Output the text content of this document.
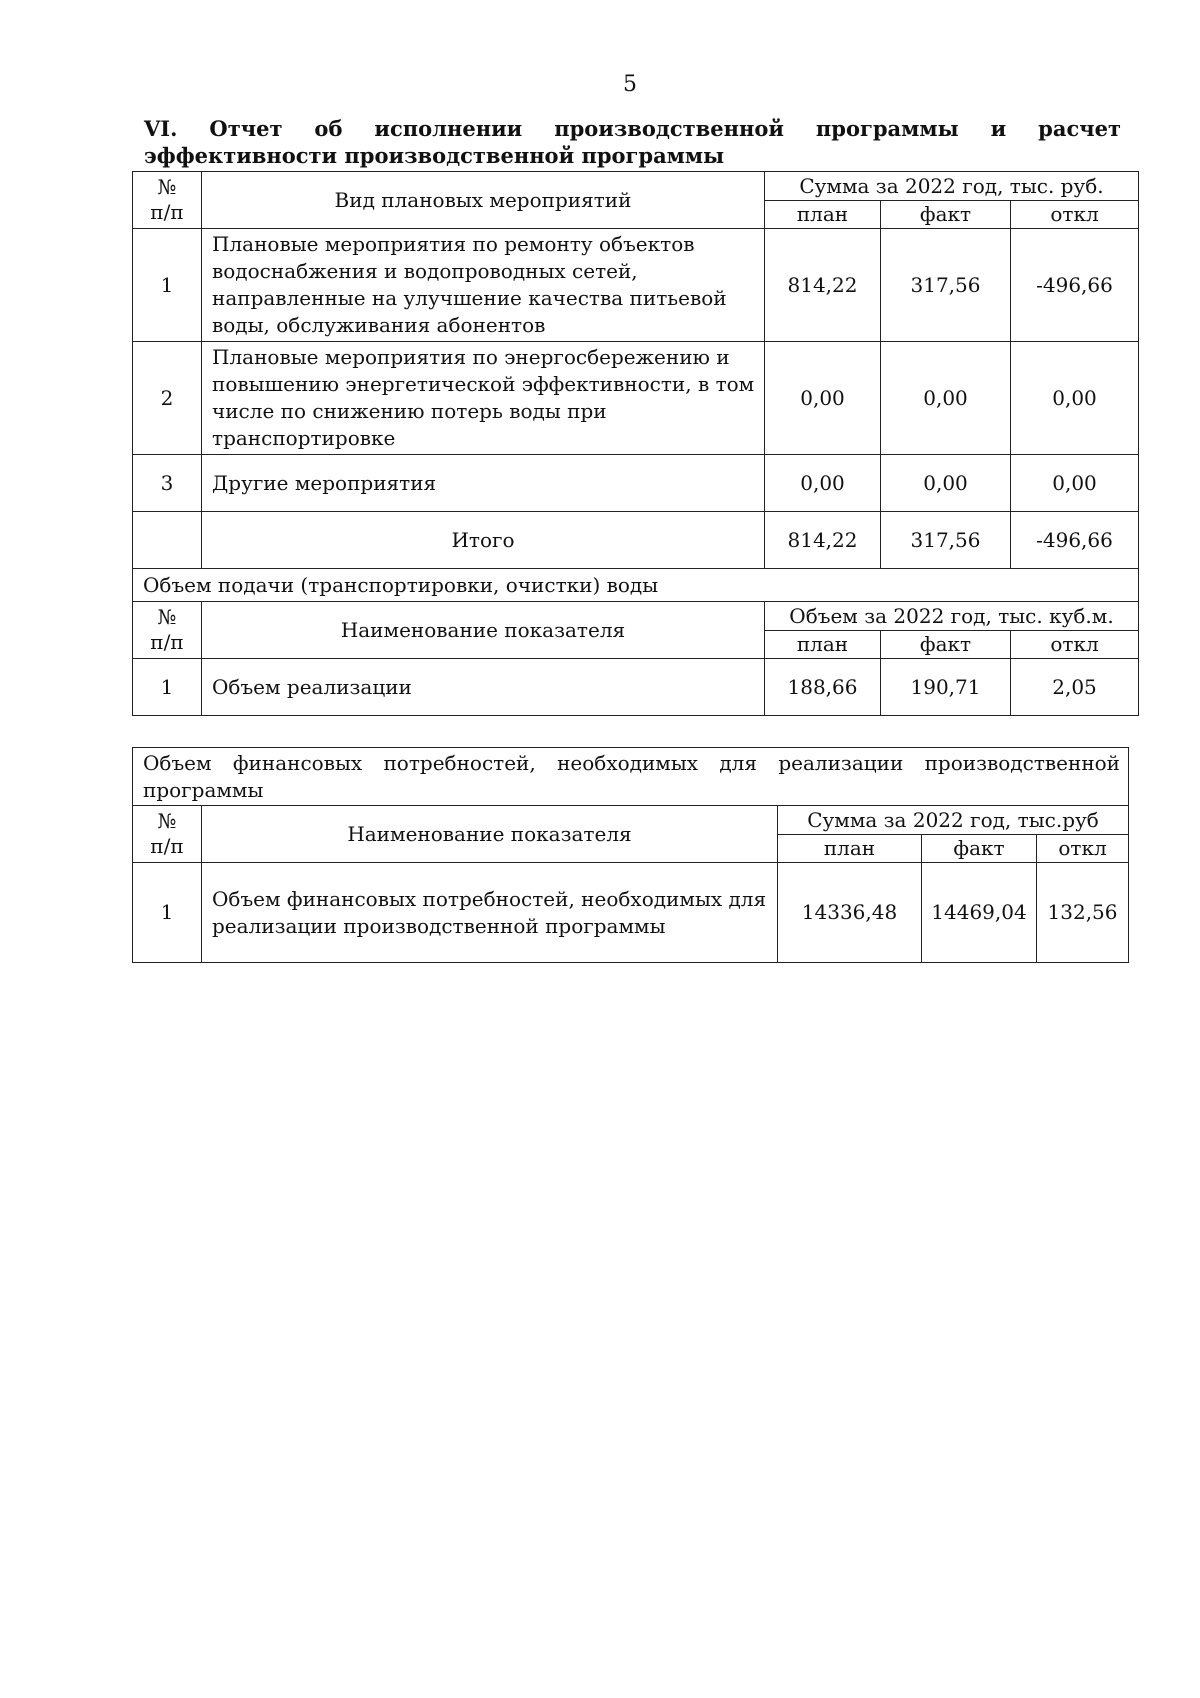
5
VI. Отчет об исполнении производственной программы и расчет эффективности производственной программы
№
п/п	Вид плановых мероприятий	Сумма за 2022 год, тыс. руб.		
		план	факт	откл
1	Плановые мероприятия по ремонту объектов водоснабжения и водопроводных сетей, направленные на улучшение качества питьевой воды, обслуживания абонентов	814,22	317,56	-496,66
2	Плановые мероприятия по энергосбережению и повышению энергетической эффективности, в том числе по снижению потерь воды при транспортировке	0,00	0,00	0,00
3	Другие мероприятия	0,00	0,00	0,00
	Итого	814,22	317,56	-496,66
Объем подачи (транспортировки, очистки) воды				
№
п/п	Наименование показателя	Объем за 2022 год, тыс. куб.м.		
		план	факт	откл
1	Объем реализации	188,66	190,71	2,05
Объем финансовых потребностей, необходимых для реализации производственной программы				
№
п/п	Наименование показателя	Сумма за 2022 год, тыс.руб		
		план	факт	откл
1	Объем финансовых потребностей, необходимых для реализации производственной программы	14336,48	14469,04	132,56
